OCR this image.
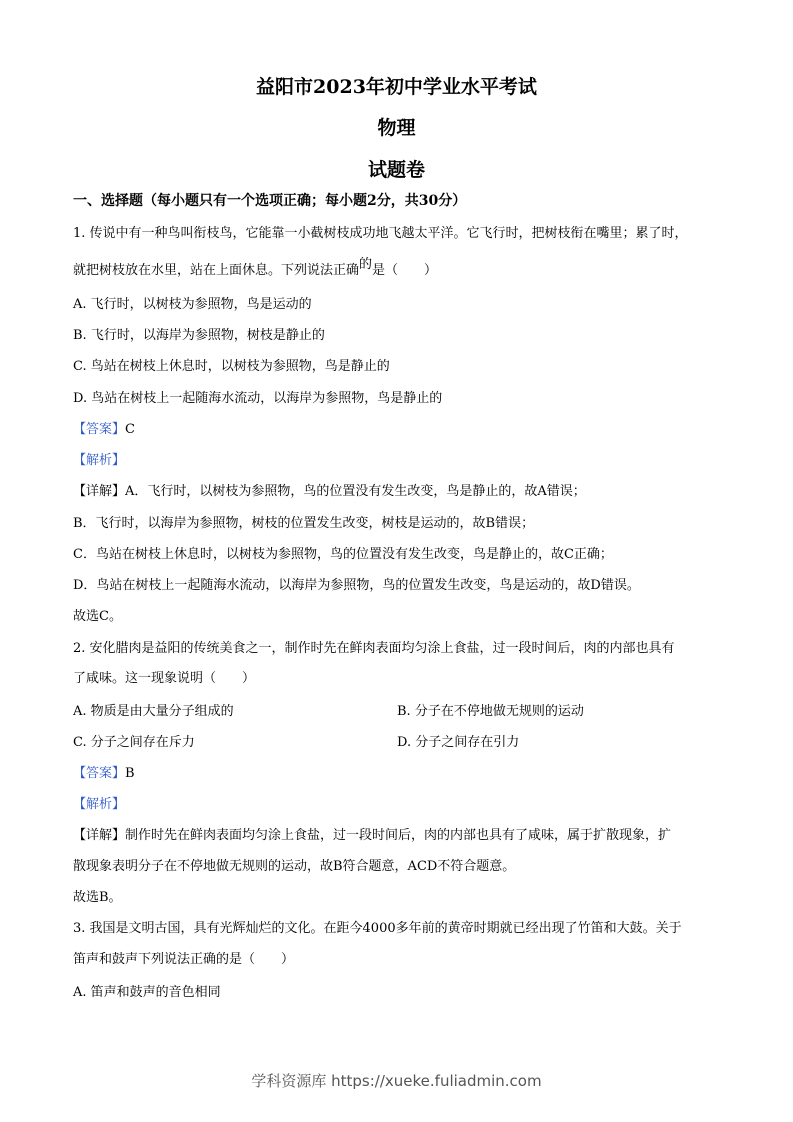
益阳市2023年初中学业水平考试
物理
试题卷
一、选择题（每小题只有一个选项正确；每小题2分，共30分）
1. 传说中有一种鸟叫衔枝鸟，它能靠一小截树枝成功地飞越太平洋。它飞行时，把树枝衔在嘴里；累了时，
就把树枝放在水里，站在上面休息。下列说法正确的是（　　）
A. 飞行时，以树枝为参照物，鸟是运动的
B. 飞行时，以海岸为参照物，树枝是静止的
C. 鸟站在树枝上休息时，以树枝为参照物，鸟是静止的
D. 鸟站在树枝上一起随海水流动，以海岸为参照物，鸟是静止的
【答案】C
【解析】
【详解】A．飞行时，以树枝为参照物，鸟的位置没有发生改变，鸟是静止的，故A错误；
B．飞行时，以海岸为参照物，树枝的位置发生改变，树枝是运动的，故B错误；
C．鸟站在树枝上休息时，以树枝为参照物，鸟的位置没有发生改变，鸟是静止的，故C正确；
D．鸟站在树枝上一起随海水流动，以海岸为参照物，鸟的位置发生改变，鸟是运动的，故D错误。
故选C。
2. 安化腊肉是益阳的传统美食之一，制作时先在鲜肉表面均匀涂上食盐，过一段时间后，肉的内部也具有
了咸味。这一现象说明（　　）
A. 物质是由大量分子组成的	B. 分子在不停地做无规则的运动
C. 分子之间存在斥力	D. 分子之间存在引力
【答案】B
【解析】
【详解】制作时先在鲜肉表面均匀涂上食盐，过一段时间后，肉的内部也具有了咸味，属于扩散现象，扩
散现象表明分子在不停地做无规则的运动，故B符合题意，ACD不符合题意。
故选B。
3. 我国是文明古国，具有光辉灿烂的文化。在距今4000多年前的黄帝时期就已经出现了竹笛和大鼓。关于
笛声和鼓声下列说法正确的是（　　）
A. 笛声和鼓声的音色相同
学科资源库 https://xueke.fuliadmin.com
